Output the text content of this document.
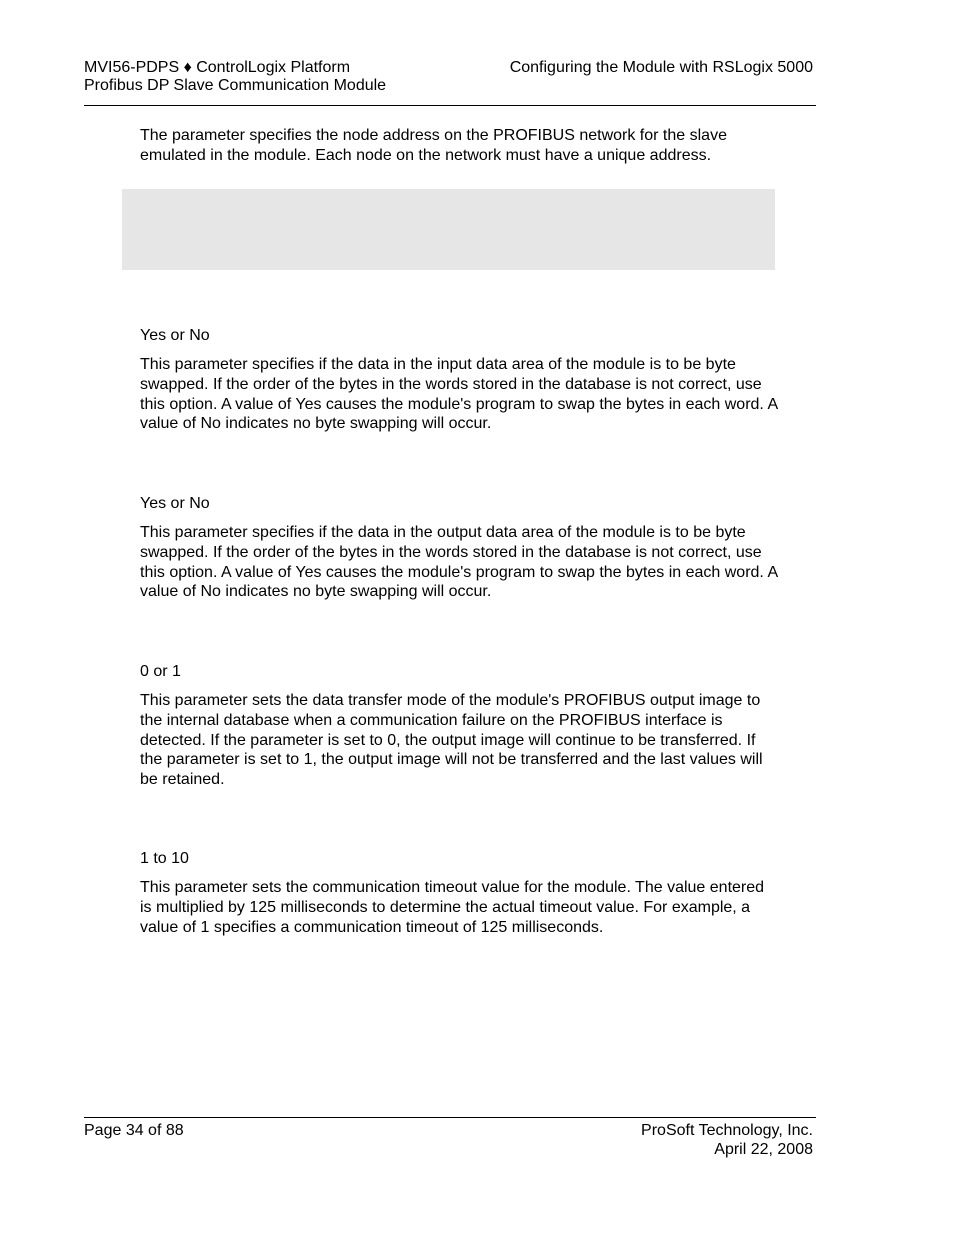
MVI56-PDPS ♦ ControlLogix Platform
Profibus DP Slave Communication Module
Configuring the Module with RSLogix 5000

The parameter specifies the node address on the PROFIBUS network for the slave emulated in the module. Each node on the network must have a unique address.

Yes or No

This parameter specifies if the data in the input data area of the module is to be byte swapped. If the order of the bytes in the words stored in the database is not correct, use this option. A value of Yes causes the module's program to swap the bytes in each word. A value of No indicates no byte swapping will occur.

Yes or No

This parameter specifies if the data in the output data area of the module is to be byte swapped. If the order of the bytes in the words stored in the database is not correct, use this option. A value of Yes causes the module's program to swap the bytes in each word. A value of No indicates no byte swapping will occur.

0 or 1

This parameter sets the data transfer mode of the module's PROFIBUS output image to the internal database when a communication failure on the PROFIBUS interface is detected. If the parameter is set to 0, the output image will continue to be transferred. If the parameter is set to 1, the output image will not be transferred and the last values will be retained.

1 to 10

This parameter sets the communication timeout value for the module. The value entered is multiplied by 125 milliseconds to determine the actual timeout value. For example, a value of 1 specifies a communication timeout of 125 milliseconds.

Page 34 of 88	ProSoft Technology, Inc.
April 22, 2008
